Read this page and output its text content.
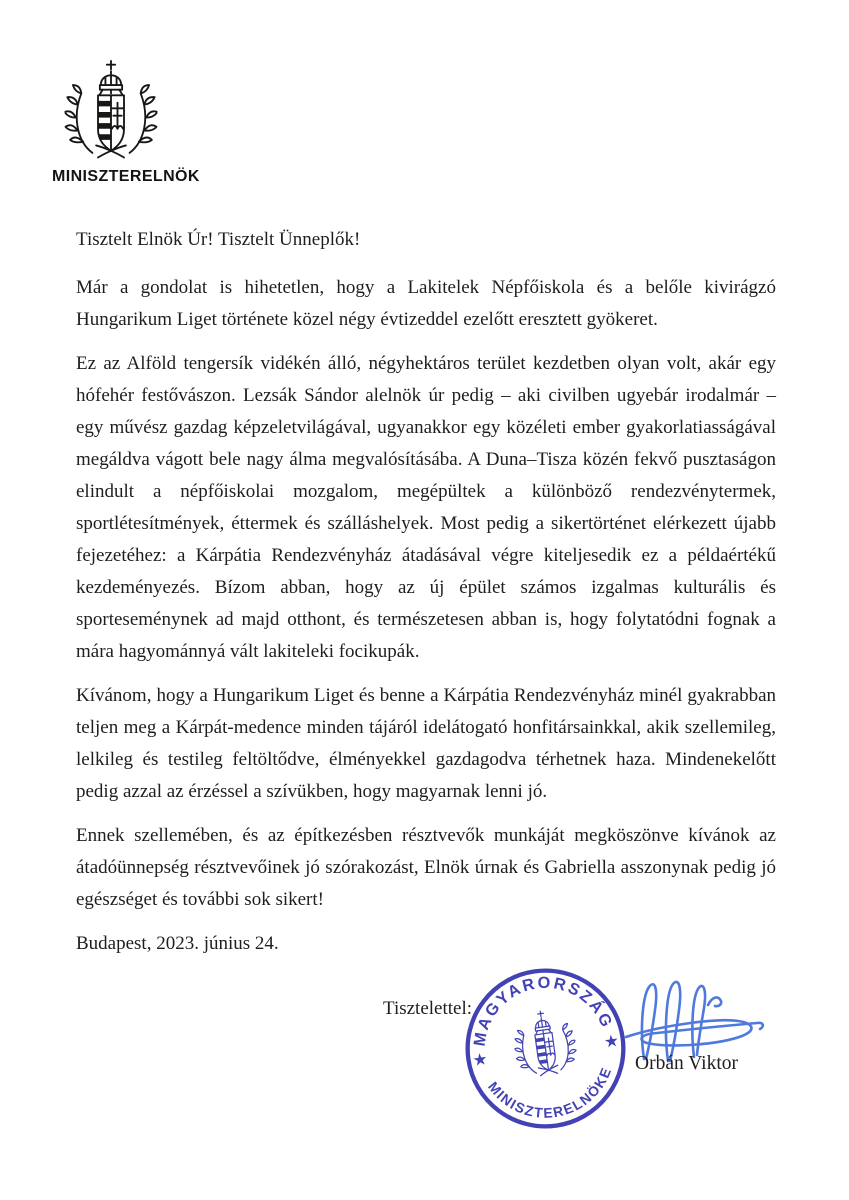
MINISZTERELNÖK

Tisztelt Elnök Úr! Tisztelt Ünneplők!

Már a gondolat is hihetetlen, hogy a Lakitelek Népfőiskola és a belőle kivirágzó Hungarikum Liget története közel négy évtizeddel ezelőtt eresztett gyökeret.

Ez az Alföld tengersík vidékén álló, négyhektáros terület kezdetben olyan volt, akár egy hófehér festővászon. Lezsák Sándor alelnök úr pedig – aki civilben ugyebár irodalmár – egy művész gazdag képzeletvilágával, ugyanakkor egy közéleti ember gyakorlatiasságával megáldva vágott bele nagy álma megvalósításába. A Duna–Tisza közén fekvő pusztaságon elindult a népfőiskolai mozgalom, megépültek a különböző rendezvénytermek, sportlétesítmények, éttermek és szálláshelyek. Most pedig a sikertörténet elérkezett újabb fejezetéhez: a Kárpátia Rendezvényház átadásával végre kiteljesedik ez a példaértékű kezdeményezés. Bízom abban, hogy az új épület számos izgalmas kulturális és sporteseménynek ad majd otthont, és természetesen abban is, hogy folytatódni fognak a mára hagyománnyá vált lakiteleki focikupák.

Kívánom, hogy a Hungarikum Liget és benne a Kárpátia Rendezvényház minél gyakrabban teljen meg a Kárpát-medence minden tájáról idelátogató honfitársainkkal, akik szellemileg, lelkileg és testileg feltöltődve, élményekkel gazdagodva térhetnek haza. Mindenekelőtt pedig azzal az érzéssel a szívükben, hogy magyarnak lenni jó.

Ennek szellemében, és az építkezésben résztvevők munkáját megköszönve kívánok az átadóünnepség résztvevőinek jó szórakozást, Elnök úrnak és Gabriella asszonynak pedig jó egészséget és további sok sikert!

Budapest, 2023. június 24.

Tisztelettel:
MAGYARORSZÁG
MINISZTERELNÖKE
★
★
Orbán Viktor
